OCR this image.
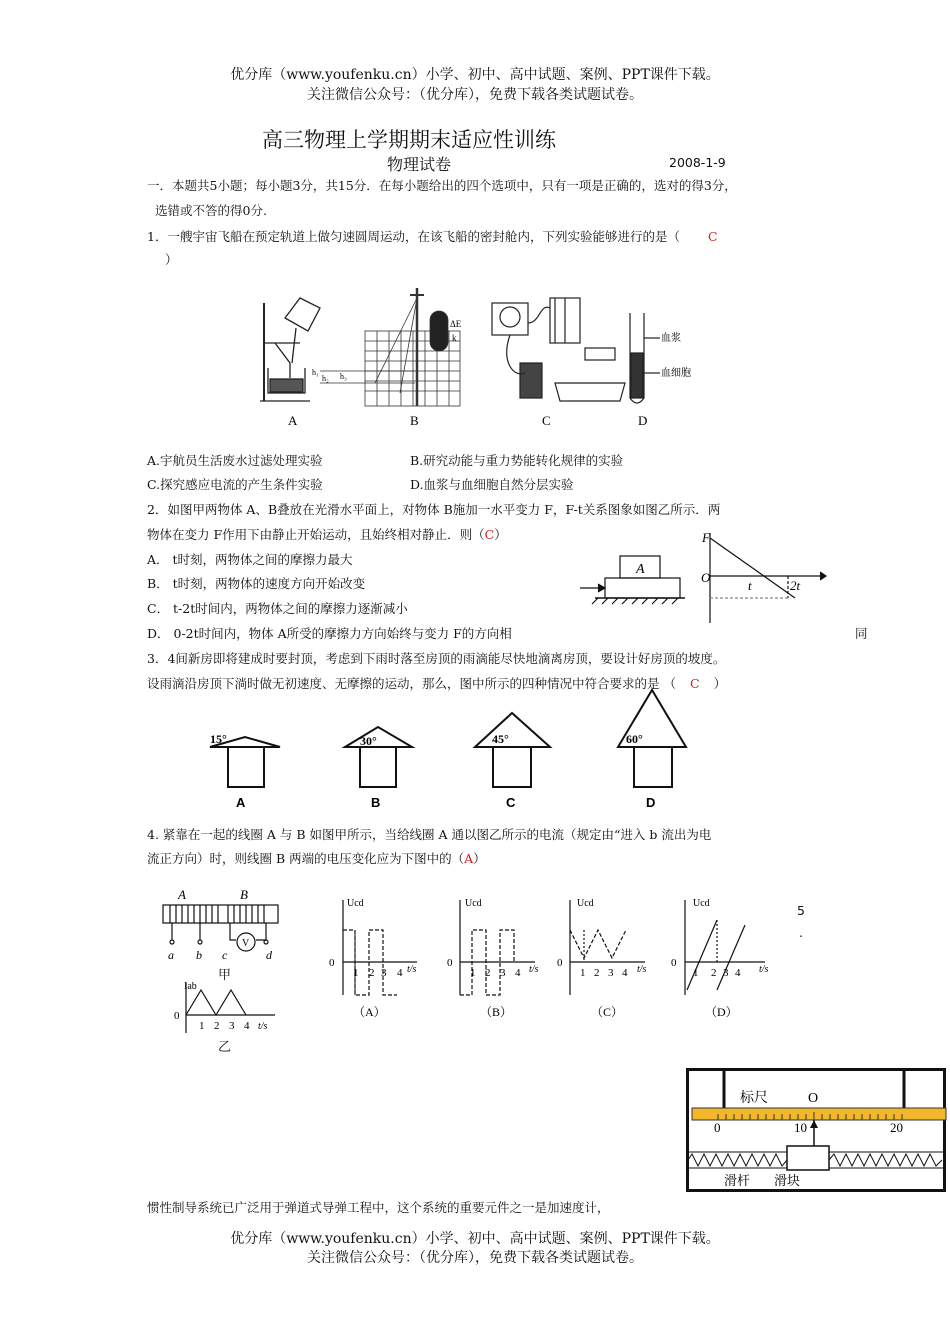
优分库（www.youfenku.cn）小学、初中、高中试题、案例、PPT课件下载。
关注微信公众号：（优分库），免费下载各类试题试卷。
高三物理上学期期末适应性训练
物理试卷	2008-1-9
一．本题共5小题；每小题3分，共15分．在每小题给出的四个选项中，只有一项是正确的，选对的得3分，
选错或不答的得0分.
1．一艘宇宙飞船在预定轨道上做匀速圆周运动，在该飞船的密封舱内，下列实验能够进行的是（ C
）
A
ΔE
k
h₁
h₂ h₃
B	C
血浆
血细胞
D
A.宇航员生活废水过滤处理实验	B.研究动能与重力势能转化规律的实验
C.探究感应电流的产生条件实验	D.血浆与血细胞自然分层实验
2．如图甲两物体 A、B叠放在光滑水平面上，对物体 B施加一水平变力 F，F-t关系图象如图乙所示．两
物体在变力 F作用下由静止开始运动，且始终相对静止．则（C）
A． t时刻，两物体之间的摩擦力最大
B． t时刻，两物体的速度方向开始改变
C． t-2t时间内，两物体之间的摩擦力逐渐减小
D． 0-2t时间内，物体 A所受的摩擦力方向始终与变力 F的方向相	同
A
F
O
t	2t
3．4间新房即将建成时要封顶，考虑到下雨时落至房顶的雨滴能尽快地滴离房顶，要设计好房顶的坡度。
设雨滴沿房顶下淌时做无初速度、无摩擦的运动，那么，图中所示的四种情况中符合要求的是 （ C ）
15°
A
30°
B
45°
C
60°
D
4. 紧靠在一起的线圈 A 与 B 如图甲所示，当给线圈 A 通以图乙所示的电流（规定由“进入 b 流出为电
流正方向）时，则线圈 B 两端的电压变化应为下图中的（A）
A	B
a b c	d
V
甲
Iab
0
1 2 3 4 t/s
乙
Ucd
0
1 2 3 4 t/s
（A）
Ucd
0
1 2 3 4 t/s
（B）
Ucd
0
1 2 3 4 t/s
（C）
Ucd
0
1 2 3 4 t/s
（D）
5
.
标尺	O
0	10	20
滑杆 滑块
惯性制导系统已广泛用于弹道式导弹工程中，这个系统的重要元件之一是加速度计，
优分库（www.youfenku.cn）小学、初中、高中试题、案例、PPT课件下载。
关注微信公众号：（优分库），免费下载各类试题试卷。
